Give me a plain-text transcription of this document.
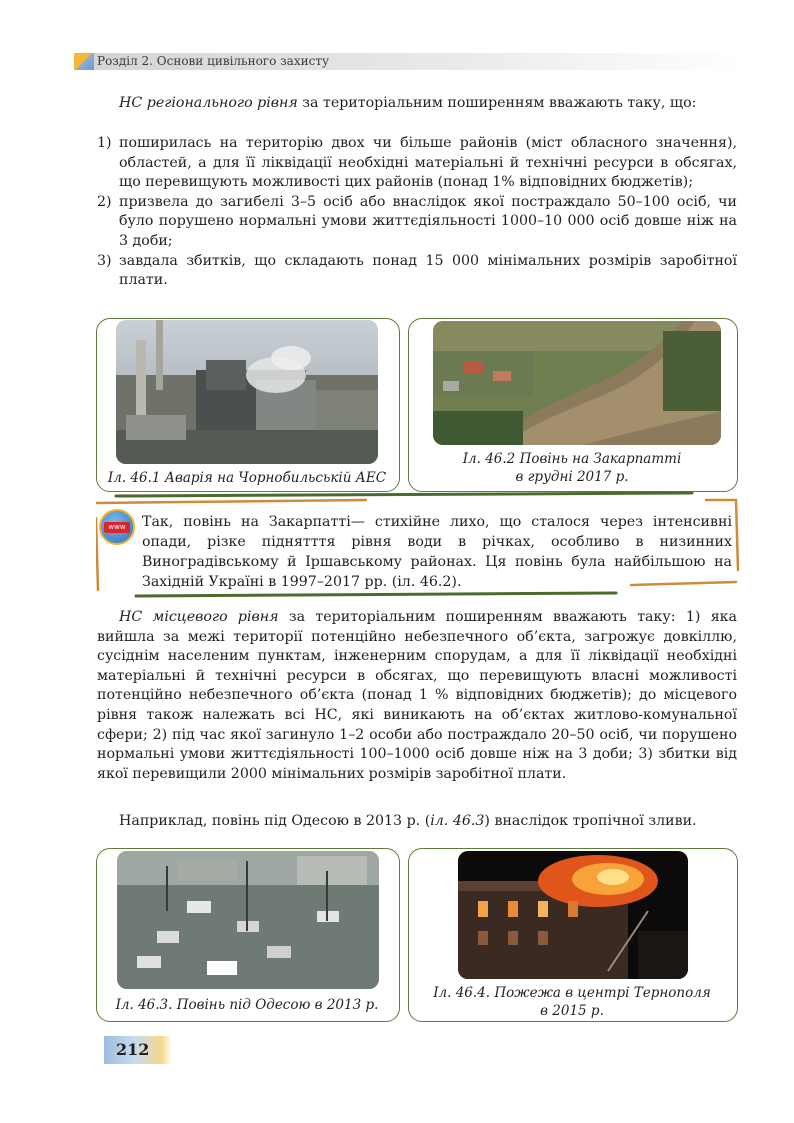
Розділ 2. Основи цивільного захисту

НС регіонального рівня за територіальним поширенням вважають таку, що:

1) поширилась на територію двох чи більше районів (міст обласного значення), областей, а для її ліквідації необхідні матеріальні й технічні ресурси в обсягах, що перевищують можливості цих районів (понад 1% відповідних бюджетів);
2) призвела до загибелі 3–5 осіб або внаслідок якої постраждало 50–100 осіб, чи було порушено нормальні умови життєдіяльності 1000–10 000 осіб довше ніж на 3 доби;
3) завдала збитків, що складають понад 15 000 мінімальних розмірів заробітної плати.
Іл. 46.1 Аварія на Чорнобильській АЕС
Іл. 46.2 Повінь на Закарпатті
в грудні 2017 р.
www	Так, повінь на Закарпатті— стихійне лихо, що сталося через інтенсивні опади, різке піднятття рівня води в річках, особливо в низинних Виноградівському й Іршавському районах. Ця повінь була найбільшою на Західній Україні в 1997–2017 рр. (іл. 46.2).

НС місцевого рівня за територіальним поширенням вважають таку: 1) яка вийшла за межі території потенційно небезпечного об’єкта, загрожує довкіллю, сусіднім населеним пунктам, інженерним спорудам, а для її ліквідації необхідні матеріальні й технічні ресурси в обсягах, що перевищують власні можливості потенційно небезпечного об’єкта (понад 1 % відповідних бюджетів); до місцевого рівня також належать всі НС, які виникають на об’єктах житлово-комунальної сфери; 2) під час якої загинуло 1–2 особи або постраждало 20–50 осіб, чи порушено нормальні умови життєдіяльності 100–1000 осіб довше ніж на 3 доби; 3) збитки від якої перевищили 2000 мінімальних розмірів заробітної плати.

Наприклад, повінь під Одесою в 2013 р. (іл. 46.3) внаслідок тропічної зливи.

Іл. 46.3. Повінь під Одесою в 2013 р.
Іл. 46.4. Пожежа в центрі Тернополя
в 2015 р.
212
